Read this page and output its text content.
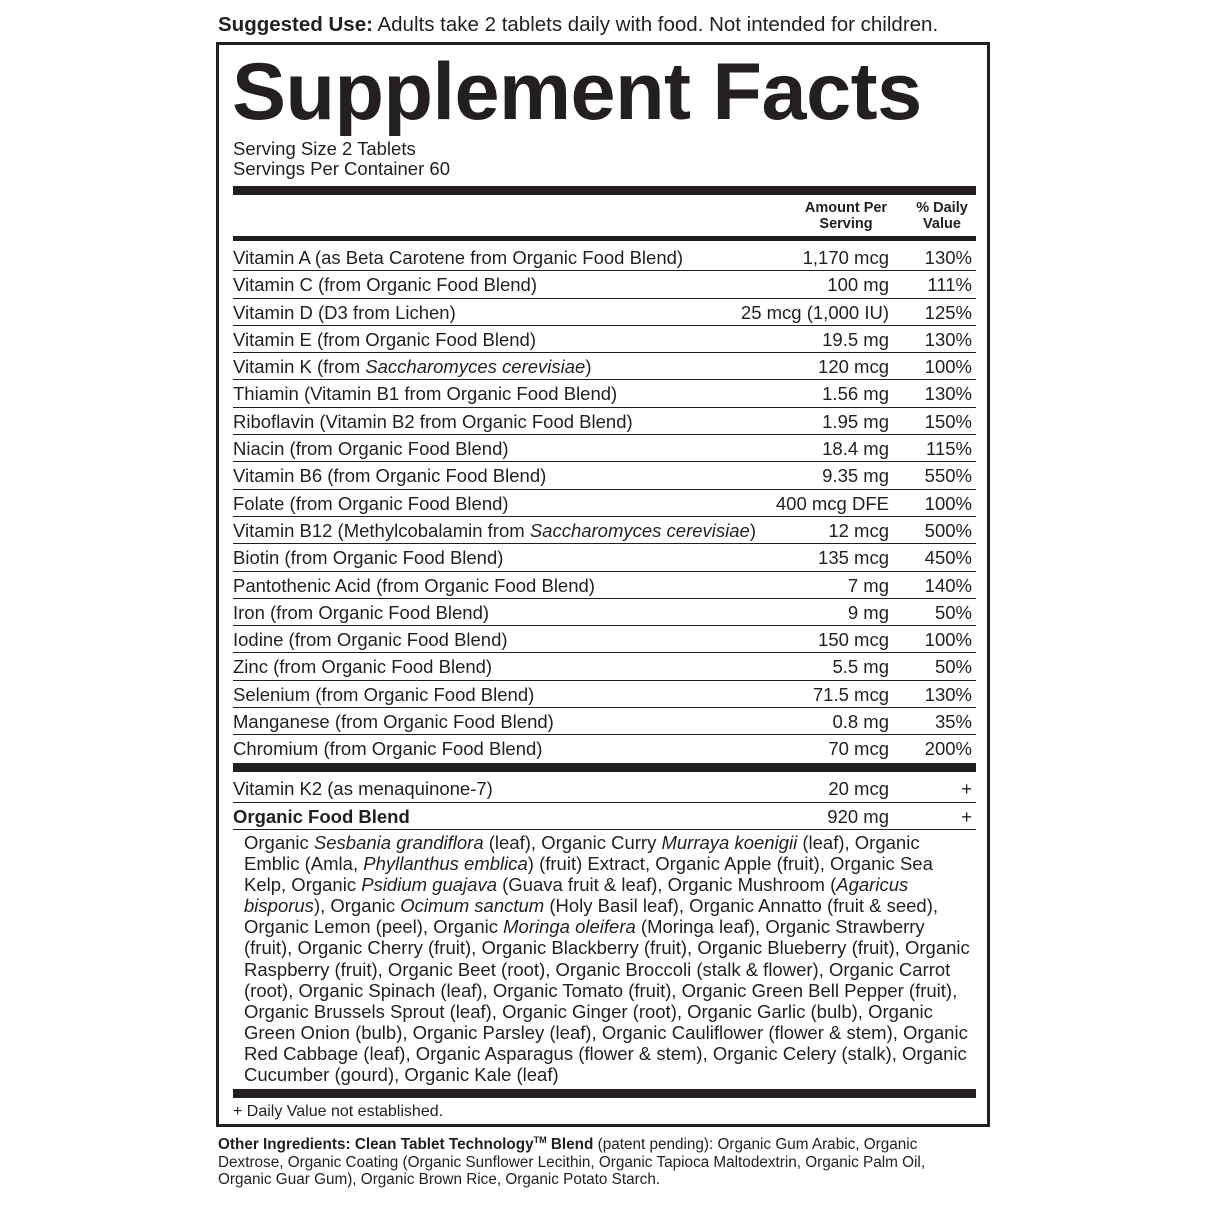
Suggested Use: Adults take 2 tablets daily with food. Not intended for children.
Supplement Facts
Serving Size 2 Tablets
Servings Per Container 60
Amount Per
Serving
% Daily
Value
Vitamin A (as Beta Carotene from Organic Food Blend)	1,170 mcg 130%
Vitamin C (from Organic Food Blend)	100 mg 111%
Vitamin D (D3 from Lichen)	25 mcg (1,000 IU) 125%
Vitamin E (from Organic Food Blend)	19.5 mg 130%
Vitamin K (from Saccharomyces cerevisiae)	120 mcg 100%
Thiamin (Vitamin B1 from Organic Food Blend)	1.56 mg 130%
Riboflavin (Vitamin B2 from Organic Food Blend)	1.95 mg 150%
Niacin (from Organic Food Blend)	18.4 mg 115%
Vitamin B6 (from Organic Food Blend)	9.35 mg 550%
Folate (from Organic Food Blend)	400 mcg DFE 100%
Vitamin B12 (Methylcobalamin from Saccharomyces cerevisiae)	12 mcg 500%
Biotin (from Organic Food Blend)	135 mcg 450%
Pantothenic Acid (from Organic Food Blend)	7 mg 140%
Iron (from Organic Food Blend)	9 mg 50%
Iodine (from Organic Food Blend)	150 mcg 100%
Zinc (from Organic Food Blend)	5.5 mg 50%
Selenium (from Organic Food Blend)	71.5 mcg 130%
Manganese (from Organic Food Blend)	0.8 mg 35%
Chromium (from Organic Food Blend)	70 mcg 200%
Vitamin K2 (as menaquinone-7)	20 mcg	+
Organic Food Blend	920 mg	+
Organic Sesbania grandiflora (leaf), Organic Curry Murraya koenigii (leaf), Organic Emblic (Amla, Phyllanthus emblica) (fruit) Extract, Organic Apple (fruit), Organic Sea Kelp, Organic Psidium guajava (Guava fruit & leaf), Organic Mushroom (Agaricus bisporus), Organic Ocimum sanctum (Holy Basil leaf), Organic Annatto (fruit & seed), Organic Lemon (peel), Organic Moringa oleifera (Moringa leaf), Organic Strawberry (fruit), Organic Cherry (fruit), Organic Blackberry (fruit), Organic Blueberry (fruit), Organic Raspberry (fruit), Organic Beet (root), Organic Broccoli (stalk & flower), Organic Carrot (root), Organic Spinach (leaf), Organic Tomato (fruit), Organic Green Bell Pepper (fruit), Organic Brussels Sprout (leaf), Organic Ginger (root), Organic Garlic (bulb), Organic Green Onion (bulb), Organic Parsley (leaf), Organic Cauliflower (flower & stem), Organic Red Cabbage (leaf), Organic Asparagus (flower & stem), Organic Celery (stalk), Organic Cucumber (gourd), Organic Kale (leaf)
+ Daily Value not established.
Other Ingredients: Clean Tablet Technology™ Blend (patent pending): Organic Gum Arabic, Organic Dextrose, Organic Coating (Organic Sunflower Lecithin, Organic Tapioca Maltodextrin, Organic Palm Oil, Organic Guar Gum), Organic Brown Rice, Organic Potato Starch.
